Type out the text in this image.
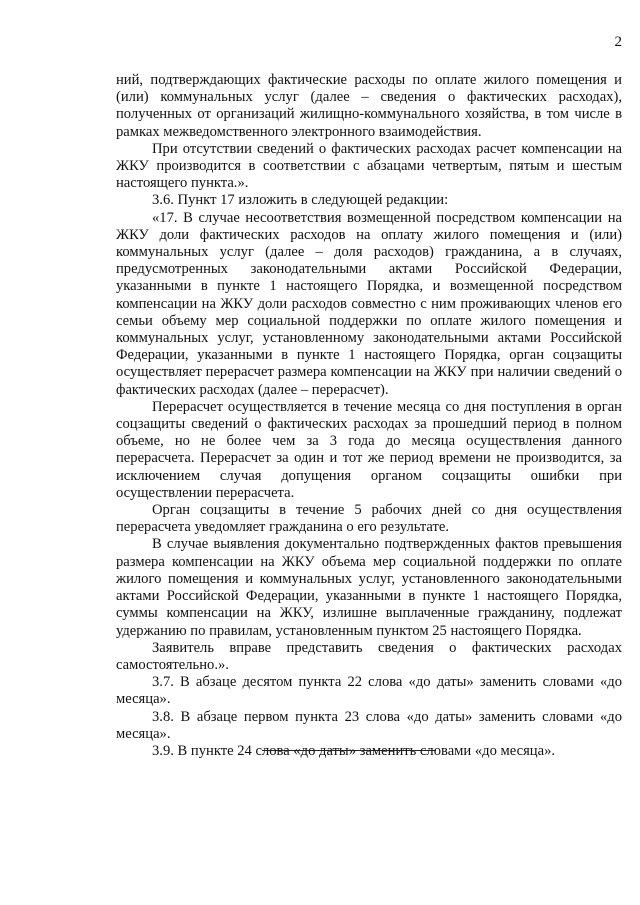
2

ний, подтверждающих фактические расходы по оплате жилого помещения и (или) коммунальных услуг (далее – сведения о фактических расходах), полученных от организаций жилищно-коммунального хозяйства, в том числе в рамках межведомственного электронного взаимодействия.

При отсутствии сведений о фактических расходах расчет компенсации на ЖКУ производится в соответствии с абзацами четвертым, пятым и шестым настоящего пункта.».

3.6. Пункт 17 изложить в следующей редакции:

«17. В случае несоответствия возмещенной посредством компенсации на ЖКУ доли фактических расходов на оплату жилого помещения и (или) коммунальных услуг (далее – доля расходов) гражданина, а в случаях, предусмотренных законодательными актами Российской Федерации, указанными в пункте 1 настоящего Порядка, и возмещенной посредством компенсации на ЖКУ доли расходов совместно с ним проживающих членов его семьи объему мер социальной поддержки по оплате жилого помещения и коммунальных услуг, установленному законодательными актами Российской Федерации, указанными в пункте 1 настоящего Порядка, орган соцзащиты осуществляет перерасчет размера компенсации на ЖКУ при наличии сведений о фактических расходах (далее – перерасчет).

Перерасчет осуществляется в течение месяца со дня поступления в орган соцзащиты сведений о фактических расходах за прошедший период в полном объеме, но не более чем за 3 года до месяца осуществления данного перерасчета. Перерасчет за один и тот же период времени не производится, за исключением случая допущения органом соцзащиты ошибки при осуществлении перерасчета.

Орган соцзащиты в течение 5 рабочих дней со дня осуществления перерасчета уведомляет гражданина о его результате.

В случае выявления документально подтвержденных фактов превышения размера компенсации на ЖКУ объема мер социальной поддержки по оплате жилого помещения и коммунальных услуг, установленного законодательными актами Российской Федерации, указанными в пункте 1 настоящего Порядка, суммы компенсации на ЖКУ, излишне выплаченные гражданину, подлежат удержанию по правилам, установленным пунктом 25 настоящего Порядка.

Заявитель вправе представить сведения о фактических расходах самостоятельно.».

3.7. В абзаце десятом пункта 22 слова «до даты» заменить словами «до месяца».

3.8. В абзаце первом пункта 23 слова «до даты» заменить словами «до месяца».

3.9. В пункте 24 слова «до даты» заменить словами «до месяца».
